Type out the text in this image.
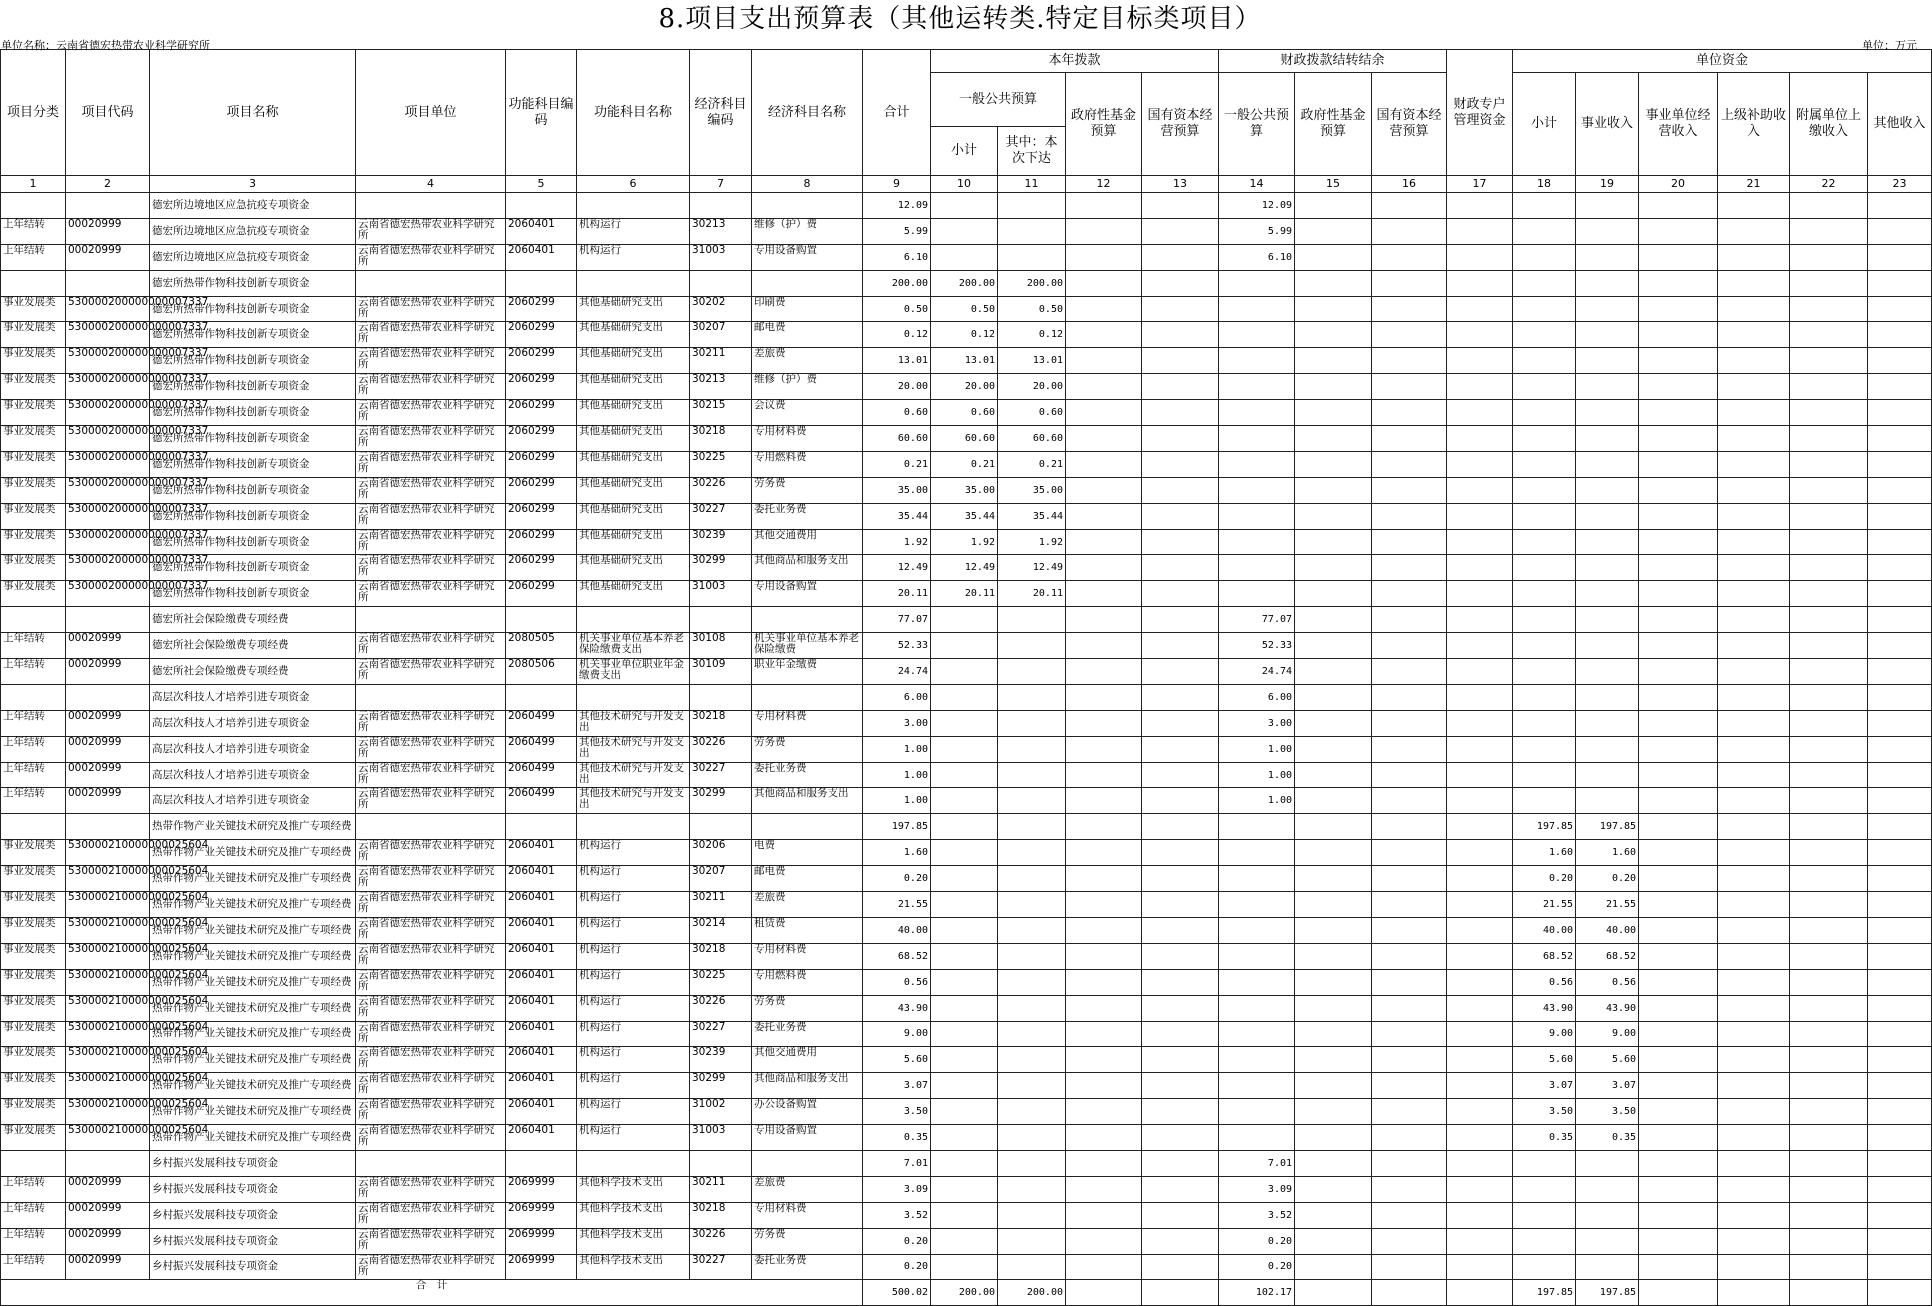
8.项目支出预算表（其他运转类.特定目标类项目）
单位名称：云南省德宏热带农业科学研究所	单位：万元
项目分类	项目代码	项目名称	项目单位	功能科目编码	功能科目名称	经济科目编码	经济科目名称	合计	本年拨款				财政拨款结转结余			财政专户管理资金	单位资金					
									一般公共预算		政府性基金预算	国有资本经营预算	一般公共预算	政府性基金预算	国有资本经营预算		小计	事业收入	事业单位经营收入	上级补助收入	附属单位上缴收入	其他收入
									小计	其中：本次下达												
1	2	3	4	5	6	7	8	9	10	11	12	13	14	15	16	17	18	19	20	21	22	23
		德宏所边境地区应急抗疫专项资金						12.09					12.09									
上年结转	00020999	德宏所边境地区应急抗疫专项资金	云南省德宏热带农业科学研究所	2060401	机构运行	30213	维修（护）费	5.99					5.99									
上年结转	00020999	德宏所边境地区应急抗疫专项资金	云南省德宏热带农业科学研究所	2060401	机构运行	31003	专用设备购置	6.10					6.10									
		德宏所热带作物科技创新专项资金						200.00	200.00	200.00												
事业发展类	530000200000000007337	德宏所热带作物科技创新专项资金	云南省德宏热带农业科学研究所	2060299	其他基础研究支出	30202	印刷费	0.50	0.50	0.50												
事业发展类	530000200000000007337	德宏所热带作物科技创新专项资金	云南省德宏热带农业科学研究所	2060299	其他基础研究支出	30207	邮电费	0.12	0.12	0.12												
事业发展类	530000200000000007337	德宏所热带作物科技创新专项资金	云南省德宏热带农业科学研究所	2060299	其他基础研究支出	30211	差旅费	13.01	13.01	13.01												
事业发展类	530000200000000007337	德宏所热带作物科技创新专项资金	云南省德宏热带农业科学研究所	2060299	其他基础研究支出	30213	维修（护）费	20.00	20.00	20.00												
事业发展类	530000200000000007337	德宏所热带作物科技创新专项资金	云南省德宏热带农业科学研究所	2060299	其他基础研究支出	30215	会议费	0.60	0.60	0.60												
事业发展类	530000200000000007337	德宏所热带作物科技创新专项资金	云南省德宏热带农业科学研究所	2060299	其他基础研究支出	30218	专用材料费	60.60	60.60	60.60												
事业发展类	530000200000000007337	德宏所热带作物科技创新专项资金	云南省德宏热带农业科学研究所	2060299	其他基础研究支出	30225	专用燃料费	0.21	0.21	0.21												
事业发展类	530000200000000007337	德宏所热带作物科技创新专项资金	云南省德宏热带农业科学研究所	2060299	其他基础研究支出	30226	劳务费	35.00	35.00	35.00												
事业发展类	530000200000000007337	德宏所热带作物科技创新专项资金	云南省德宏热带农业科学研究所	2060299	其他基础研究支出	30227	委托业务费	35.44	35.44	35.44												
事业发展类	530000200000000007337	德宏所热带作物科技创新专项资金	云南省德宏热带农业科学研究所	2060299	其他基础研究支出	30239	其他交通费用	1.92	1.92	1.92												
事业发展类	530000200000000007337	德宏所热带作物科技创新专项资金	云南省德宏热带农业科学研究所	2060299	其他基础研究支出	30299	其他商品和服务支出	12.49	12.49	12.49												
事业发展类	530000200000000007337	德宏所热带作物科技创新专项资金	云南省德宏热带农业科学研究所	2060299	其他基础研究支出	31003	专用设备购置	20.11	20.11	20.11												
		德宏所社会保险缴费专项经费						77.07					77.07									
上年结转	00020999	德宏所社会保险缴费专项经费	云南省德宏热带农业科学研究所	2080505	机关事业单位基本养老保险缴费支出	30108	机关事业单位基本养老保险缴费	52.33					52.33									
上年结转	00020999	德宏所社会保险缴费专项经费	云南省德宏热带农业科学研究所	2080506	机关事业单位职业年金缴费支出	30109	职业年金缴费	24.74					24.74									
		高层次科技人才培养引进专项资金						6.00					6.00									
上年结转	00020999	高层次科技人才培养引进专项资金	云南省德宏热带农业科学研究所	2060499	其他技术研究与开发支出	30218	专用材料费	3.00					3.00									
上年结转	00020999	高层次科技人才培养引进专项资金	云南省德宏热带农业科学研究所	2060499	其他技术研究与开发支出	30226	劳务费	1.00					1.00									
上年结转	00020999	高层次科技人才培养引进专项资金	云南省德宏热带农业科学研究所	2060499	其他技术研究与开发支出	30227	委托业务费	1.00					1.00									
上年结转	00020999	高层次科技人才培养引进专项资金	云南省德宏热带农业科学研究所	2060499	其他技术研究与开发支出	30299	其他商品和服务支出	1.00					1.00									
		热带作物产业关键技术研究及推广专项经费						197.85									197.85	197.85				
事业发展类	530000210000000025604	热带作物产业关键技术研究及推广专项经费	云南省德宏热带农业科学研究所	2060401	机构运行	30206	电费	1.60									1.60	1.60				
事业发展类	530000210000000025604	热带作物产业关键技术研究及推广专项经费	云南省德宏热带农业科学研究所	2060401	机构运行	30207	邮电费	0.20									0.20	0.20				
事业发展类	530000210000000025604	热带作物产业关键技术研究及推广专项经费	云南省德宏热带农业科学研究所	2060401	机构运行	30211	差旅费	21.55									21.55	21.55				
事业发展类	530000210000000025604	热带作物产业关键技术研究及推广专项经费	云南省德宏热带农业科学研究所	2060401	机构运行	30214	租赁费	40.00									40.00	40.00				
事业发展类	530000210000000025604	热带作物产业关键技术研究及推广专项经费	云南省德宏热带农业科学研究所	2060401	机构运行	30218	专用材料费	68.52									68.52	68.52				
事业发展类	530000210000000025604	热带作物产业关键技术研究及推广专项经费	云南省德宏热带农业科学研究所	2060401	机构运行	30225	专用燃料费	0.56									0.56	0.56				
事业发展类	530000210000000025604	热带作物产业关键技术研究及推广专项经费	云南省德宏热带农业科学研究所	2060401	机构运行	30226	劳务费	43.90									43.90	43.90				
事业发展类	530000210000000025604	热带作物产业关键技术研究及推广专项经费	云南省德宏热带农业科学研究所	2060401	机构运行	30227	委托业务费	9.00									9.00	9.00				
事业发展类	530000210000000025604	热带作物产业关键技术研究及推广专项经费	云南省德宏热带农业科学研究所	2060401	机构运行	30239	其他交通费用	5.60									5.60	5.60				
事业发展类	530000210000000025604	热带作物产业关键技术研究及推广专项经费	云南省德宏热带农业科学研究所	2060401	机构运行	30299	其他商品和服务支出	3.07									3.07	3.07				
事业发展类	530000210000000025604	热带作物产业关键技术研究及推广专项经费	云南省德宏热带农业科学研究所	2060401	机构运行	31002	办公设备购置	3.50									3.50	3.50				
事业发展类	530000210000000025604	热带作物产业关键技术研究及推广专项经费	云南省德宏热带农业科学研究所	2060401	机构运行	31003	专用设备购置	0.35									0.35	0.35				
		乡村振兴发展科技专项资金						7.01					7.01									
上年结转	00020999	乡村振兴发展科技专项资金	云南省德宏热带农业科学研究所	2069999	其他科学技术支出	30211	差旅费	3.09					3.09									
上年结转	00020999	乡村振兴发展科技专项资金	云南省德宏热带农业科学研究所	2069999	其他科学技术支出	30218	专用材料费	3.52					3.52									
上年结转	00020999	乡村振兴发展科技专项资金	云南省德宏热带农业科学研究所	2069999	其他科学技术支出	30226	劳务费	0.20					0.20									
上年结转	00020999	乡村振兴发展科技专项资金	云南省德宏热带农业科学研究所	2069999	其他科学技术支出	30227	委托业务费	0.20					0.20									
合　计								500.02	200.00	200.00			102.17				197.85	197.85				
